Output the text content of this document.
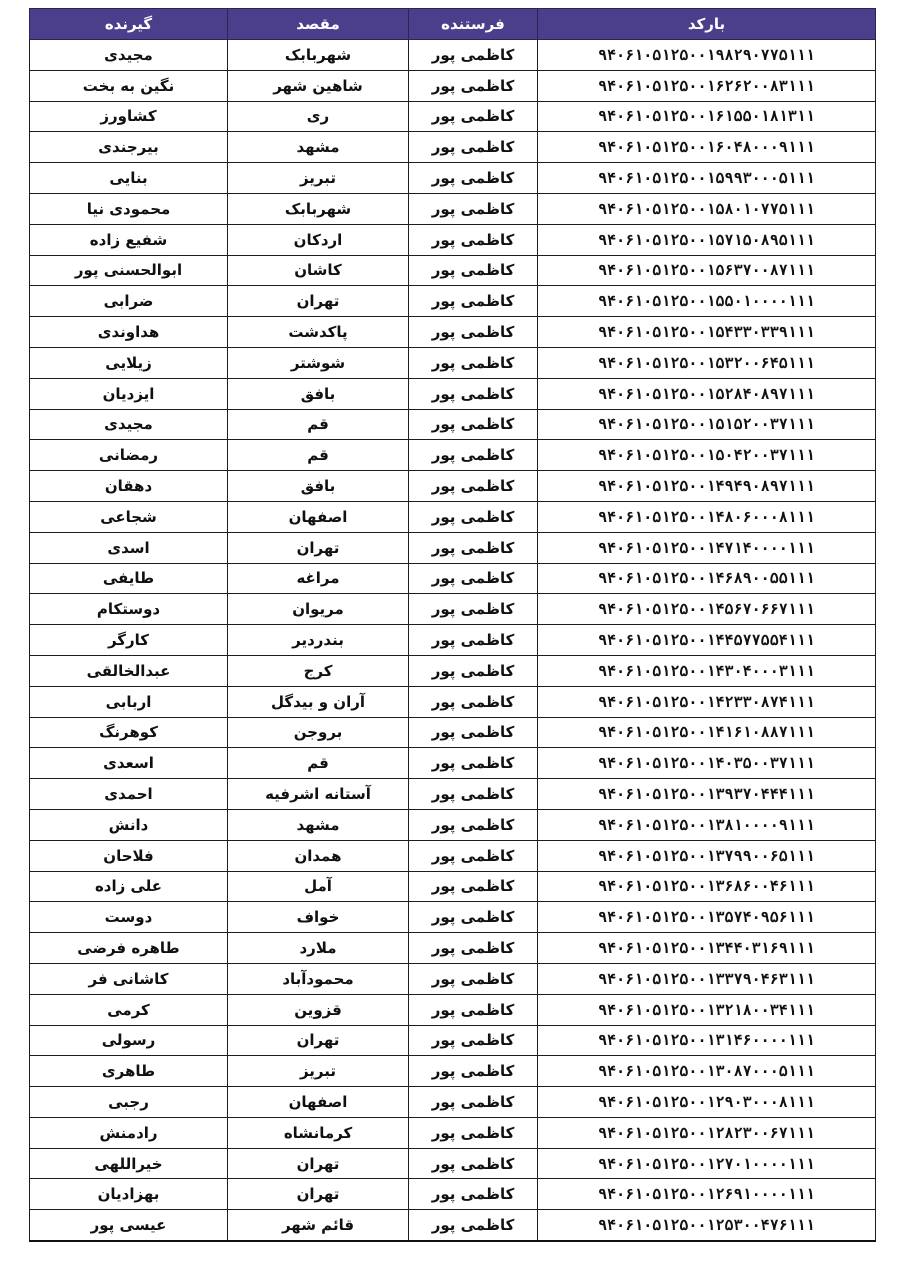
بارکد	فرستنده	مقصد	گیرنده
۹۴۰۶۱۰۵۱۲۵۰۰۱۹۸۲۹۰۷۷۵۱۱۱	کاظمی پور	شهربابک	مجیدی
۹۴۰۶۱۰۵۱۲۵۰۰۱۶۲۶۲۰۰۸۳۱۱۱	کاظمی پور	شاهین شهر	نگین به بخت
۹۴۰۶۱۰۵۱۲۵۰۰۱۶۱۵۵۰۱۸۱۳۱۱	کاظمی پور	ری	کشاورز
۹۴۰۶۱۰۵۱۲۵۰۰۱۶۰۴۸۰۰۰۹۱۱۱	کاظمی پور	مشهد	بیرجندی
۹۴۰۶۱۰۵۱۲۵۰۰۱۵۹۹۳۰۰۰۵۱۱۱	کاظمی پور	تبریز	بنایی
۹۴۰۶۱۰۵۱۲۵۰۰۱۵۸۰۱۰۷۷۵۱۱۱	کاظمی پور	شهربابک	محمودی نیا
۹۴۰۶۱۰۵۱۲۵۰۰۱۵۷۱۵۰۸۹۵۱۱۱	کاظمی پور	اردکان	شفیع زاده
۹۴۰۶۱۰۵۱۲۵۰۰۱۵۶۳۷۰۰۸۷۱۱۱	کاظمی پور	کاشان	ابوالحسنی پور
۹۴۰۶۱۰۵۱۲۵۰۰۱۵۵۰۱۰۰۰۰۱۱۱	کاظمی پور	تهران	ضرابی
۹۴۰۶۱۰۵۱۲۵۰۰۱۵۴۳۳۰۳۳۹۱۱۱	کاظمی پور	پاکدشت	هداوندی
۹۴۰۶۱۰۵۱۲۵۰۰۱۵۳۲۰۰۶۴۵۱۱۱	کاظمی پور	شوشتر	زیلایی
۹۴۰۶۱۰۵۱۲۵۰۰۱۵۲۸۴۰۸۹۷۱۱۱	کاظمی پور	بافق	ایزدیان
۹۴۰۶۱۰۵۱۲۵۰۰۱۵۱۵۲۰۰۳۷۱۱۱	کاظمی پور	قم	مجیدی
۹۴۰۶۱۰۵۱۲۵۰۰۱۵۰۴۲۰۰۳۷۱۱۱	کاظمی پور	قم	رمضانی
۹۴۰۶۱۰۵۱۲۵۰۰۱۴۹۴۹۰۸۹۷۱۱۱	کاظمی پور	بافق	دهقان
۹۴۰۶۱۰۵۱۲۵۰۰۱۴۸۰۶۰۰۰۸۱۱۱	کاظمی پور	اصفهان	شجاعی
۹۴۰۶۱۰۵۱۲۵۰۰۱۴۷۱۴۰۰۰۰۱۱۱	کاظمی پور	تهران	اسدی
۹۴۰۶۱۰۵۱۲۵۰۰۱۴۶۸۹۰۰۵۵۱۱۱	کاظمی پور	مراغه	طایفی
۹۴۰۶۱۰۵۱۲۵۰۰۱۴۵۶۷۰۶۶۷۱۱۱	کاظمی پور	مریوان	دوستکام
۹۴۰۶۱۰۵۱۲۵۰۰۱۴۴۵۷۷۵۵۴۱۱۱	کاظمی پور	بندردیر	کارگر
۹۴۰۶۱۰۵۱۲۵۰۰۱۴۳۰۴۰۰۰۳۱۱۱	کاظمی پور	کرج	عبدالخالقی
۹۴۰۶۱۰۵۱۲۵۰۰۱۴۲۳۳۰۸۷۴۱۱۱	کاظمی پور	آران و بیدگل	اربابی
۹۴۰۶۱۰۵۱۲۵۰۰۱۴۱۶۱۰۸۸۷۱۱۱	کاظمی پور	بروجن	کوهرنگ
۹۴۰۶۱۰۵۱۲۵۰۰۱۴۰۳۵۰۰۳۷۱۱۱	کاظمی پور	قم	اسعدی
۹۴۰۶۱۰۵۱۲۵۰۰۱۳۹۳۷۰۴۴۴۱۱۱	کاظمی پور	آستانه اشرفیه	احمدی
۹۴۰۶۱۰۵۱۲۵۰۰۱۳۸۱۰۰۰۰۹۱۱۱	کاظمی پور	مشهد	دانش
۹۴۰۶۱۰۵۱۲۵۰۰۱۳۷۹۹۰۰۶۵۱۱۱	کاظمی پور	همدان	فلاحان
۹۴۰۶۱۰۵۱۲۵۰۰۱۳۶۸۶۰۰۴۶۱۱۱	کاظمی پور	آمل	علی زاده
۹۴۰۶۱۰۵۱۲۵۰۰۱۳۵۷۴۰۹۵۶۱۱۱	کاظمی پور	خواف	دوست
۹۴۰۶۱۰۵۱۲۵۰۰۱۳۴۴۰۳۱۶۹۱۱۱	کاظمی پور	ملارد	طاهره فرضی
۹۴۰۶۱۰۵۱۲۵۰۰۱۳۳۷۹۰۴۶۳۱۱۱	کاظمی پور	محمودآباد	کاشانی فر
۹۴۰۶۱۰۵۱۲۵۰۰۱۳۲۱۸۰۰۳۴۱۱۱	کاظمی پور	قزوین	کرمی
۹۴۰۶۱۰۵۱۲۵۰۰۱۳۱۴۶۰۰۰۰۱۱۱	کاظمی پور	تهران	رسولی
۹۴۰۶۱۰۵۱۲۵۰۰۱۳۰۸۷۰۰۰۵۱۱۱	کاظمی پور	تبریز	طاهری
۹۴۰۶۱۰۵۱۲۵۰۰۱۲۹۰۳۰۰۰۸۱۱۱	کاظمی پور	اصفهان	رجبی
۹۴۰۶۱۰۵۱۲۵۰۰۱۲۸۲۳۰۰۶۷۱۱۱	کاظمی پور	کرمانشاه	رادمنش
۹۴۰۶۱۰۵۱۲۵۰۰۱۲۷۰۱۰۰۰۰۱۱۱	کاظمی پور	تهران	خیراللهی
۹۴۰۶۱۰۵۱۲۵۰۰۱۲۶۹۱۰۰۰۰۱۱۱	کاظمی پور	تهران	بهزادیان
۹۴۰۶۱۰۵۱۲۵۰۰۱۲۵۳۰۰۴۷۶۱۱۱	کاظمی پور	قائم شهر	عیسی پور
